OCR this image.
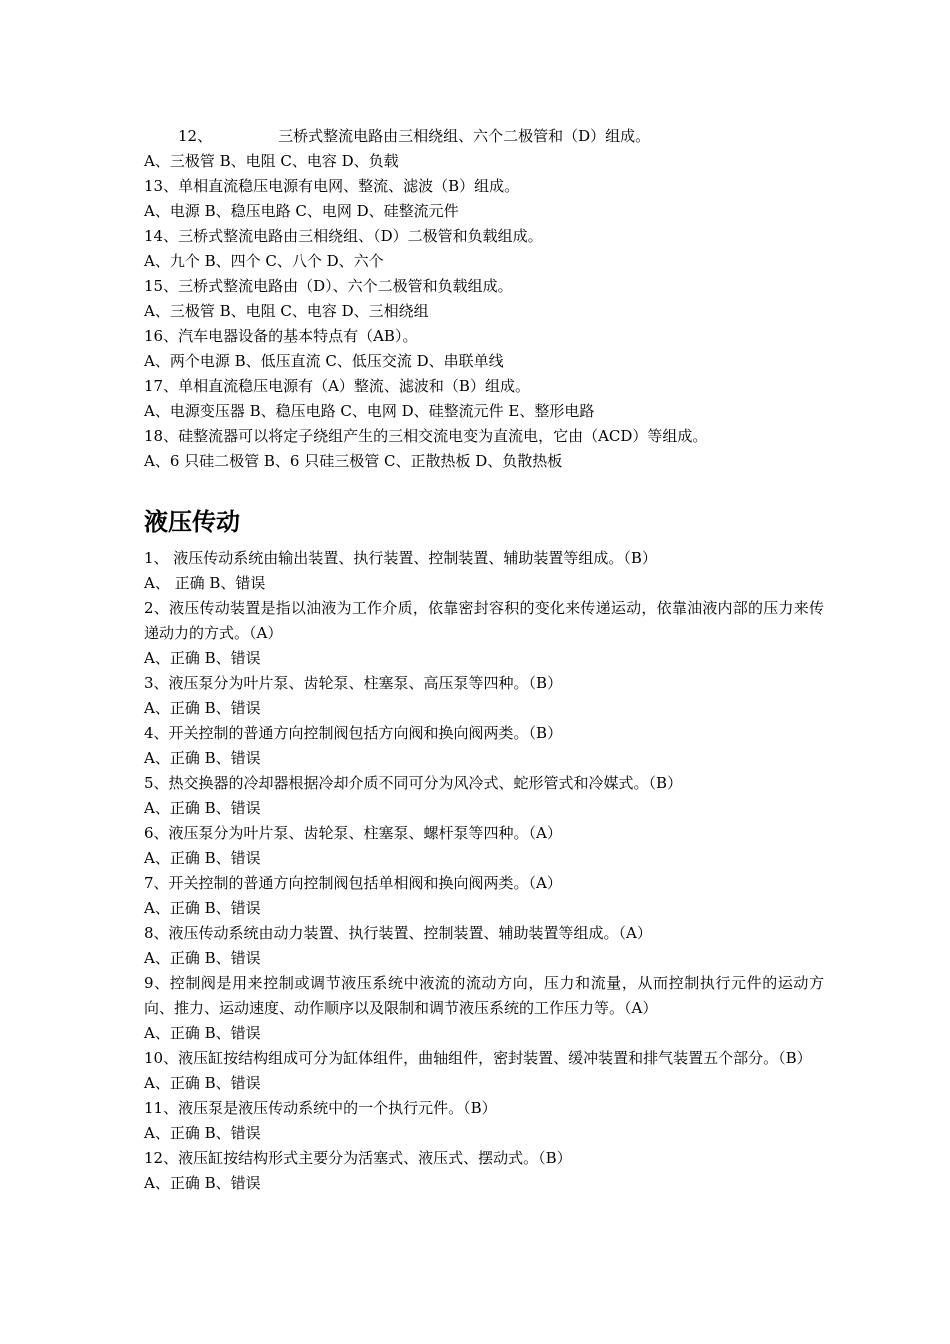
12、	三桥式整流电路由三相绕组、六个二极管和（D）组成。
A、三极管 B、电阻 C、电容 D、负载
13、单相直流稳压电源有电网、整流、滤波（B）组成。
A、电源 B、稳压电路 C、电网 D、硅整流元件
14、三桥式整流电路由三相绕组、（D）二极管和负载组成。
A、九个 B、四个 C、八个 D、六个
15、三桥式整流电路由（D）、六个二极管和负载组成。
A、三极管 B、电阻 C、电容 D、三相绕组
16、汽车电器设备的基本特点有（AB）。
A、两个电源 B、低压直流 C、低压交流 D、串联单线
17、单相直流稳压电源有（A）整流、滤波和（B）组成。
A、电源变压器 B、稳压电路 C、电网 D、硅整流元件 E、整形电路
18、硅整流器可以将定子绕组产生的三相交流电变为直流电，它由（ACD）等组成。
A、6 只硅二极管 B、6 只硅三极管 C、正散热板 D、负散热板
液压传动
1、 液压传动系统由输出装置、执行装置、控制装置、辅助装置等组成。（B）
A、 正确 B、错误
2、液压传动装置是指以油液为工作介质，依靠密封容积的变化来传递运动，依靠油液内部的压力来传递动力的方式。（A）
A、正确 B、错误
3、液压泵分为叶片泵、齿轮泵、柱塞泵、高压泵等四种。（B）
A、正确 B、错误
4、开关控制的普通方向控制阀包括方向阀和换向阀两类。（B）
A、正确 B、错误
5、热交换器的冷却器根据冷却介质不同可分为风冷式、蛇形管式和冷媒式。（B）
A、正确 B、错误
6、液压泵分为叶片泵、齿轮泵、柱塞泵、螺杆泵等四种。（A）
A、正确 B、错误
7、开关控制的普通方向控制阀包括单相阀和换向阀两类。（A）
A、正确 B、错误
8、液压传动系统由动力装置、执行装置、控制装置、辅助装置等组成。（A）
A、正确 B、错误
9、控制阀是用来控制或调节液压系统中液流的流动方向，压力和流量，从而控制执行元件的运动方向、推力、运动速度、动作顺序以及限制和调节液压系统的工作压力等。（A）
A、正确 B、错误
10、液压缸按结构组成可分为缸体组件，曲轴组件，密封装置、缓冲装置和排气装置五个部分。（B）
A、正确 B、错误
11、液压泵是液压传动系统中的一个执行元件。（B）
A、正确 B、错误
12、液压缸按结构形式主要分为活塞式、液压式、摆动式。（B）
A、正确 B、错误
